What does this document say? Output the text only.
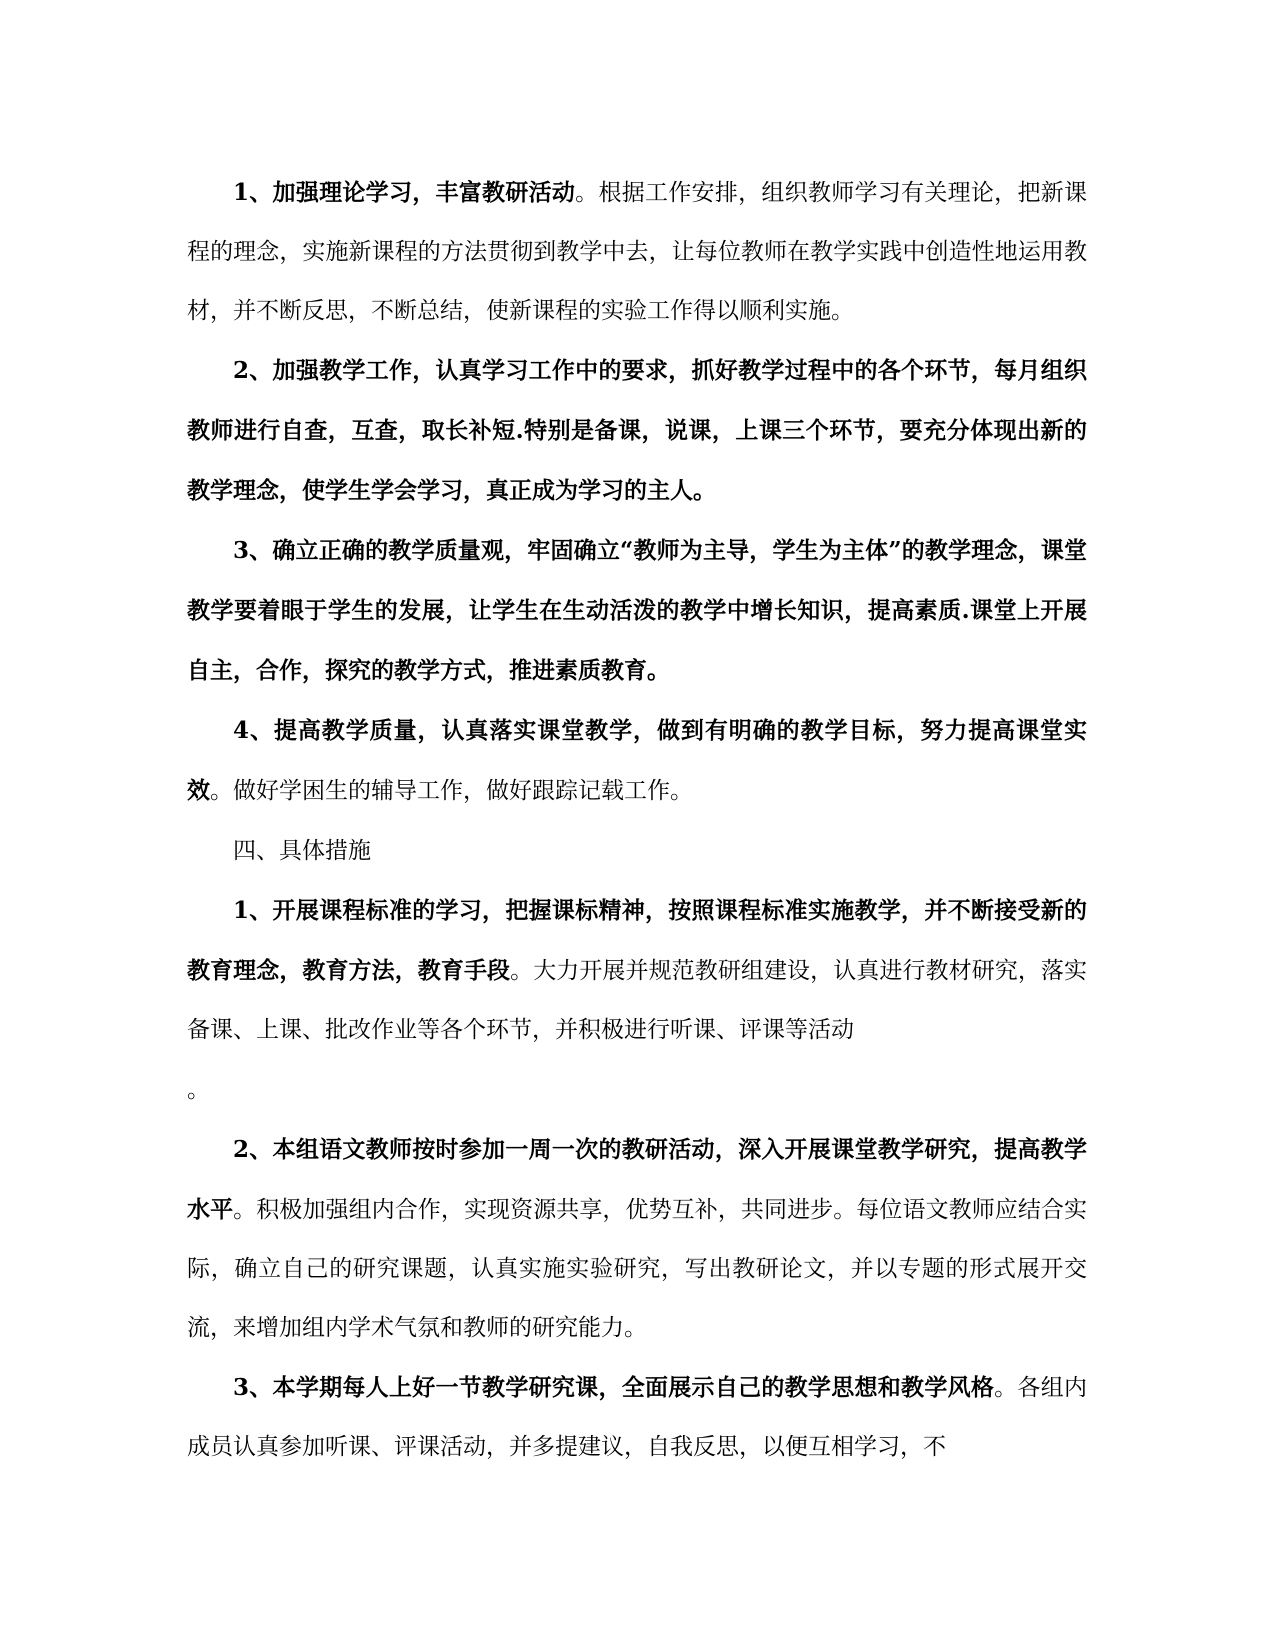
1、加强理论学习，丰富教研活动。根据工作安排，组织教师学习有关理论，把新课程的理念，实施新课程的方法贯彻到教学中去，让每位教师在教学实践中创造性地运用教材，并不断反思，不断总结，使新课程的实验工作得以顺利实施。

2、加强教学工作，认真学习工作中的要求，抓好教学过程中的各个环节，每月组织教师进行自查，互查，取长补短.特别是备课，说课，上课三个环节，要充分体现出新的教学理念，使学生学会学习，真正成为学习的主人。

3、确立正确的教学质量观，牢固确立“教师为主导，学生为主体”的教学理念，课堂教学要着眼于学生的发展，让学生在生动活泼的教学中增长知识，提高素质.课堂上开展自主，合作，探究的教学方式，推进素质教育。

4、提高教学质量，认真落实课堂教学，做到有明确的教学目标，努力提高课堂实效。做好学困生的辅导工作，做好跟踪记载工作。

四、具体措施

1、开展课程标准的学习，把握课标精神，按照课程标准实施教学，并不断接受新的教育理念，教育方法，教育手段。大力开展并规范教研组建设，认真进行教材研究，落实备课、上课、批改作业等各个环节，并积极进行听课、评课等活动

。

2、本组语文教师按时参加一周一次的教研活动，深入开展课堂教学研究，提高教学水平。积极加强组内合作，实现资源共享，优势互补，共同进步。每位语文教师应结合实际，确立自己的研究课题，认真实施实验研究，写出教研论文，并以专题的形式展开交流，来增加组内学术气氛和教师的研究能力。

3、本学期每人上好一节教学研究课，全面展示自己的教学思想和教学风格。各组内成员认真参加听课、评课活动，并多提建议，自我反思，以便互相学习，不
